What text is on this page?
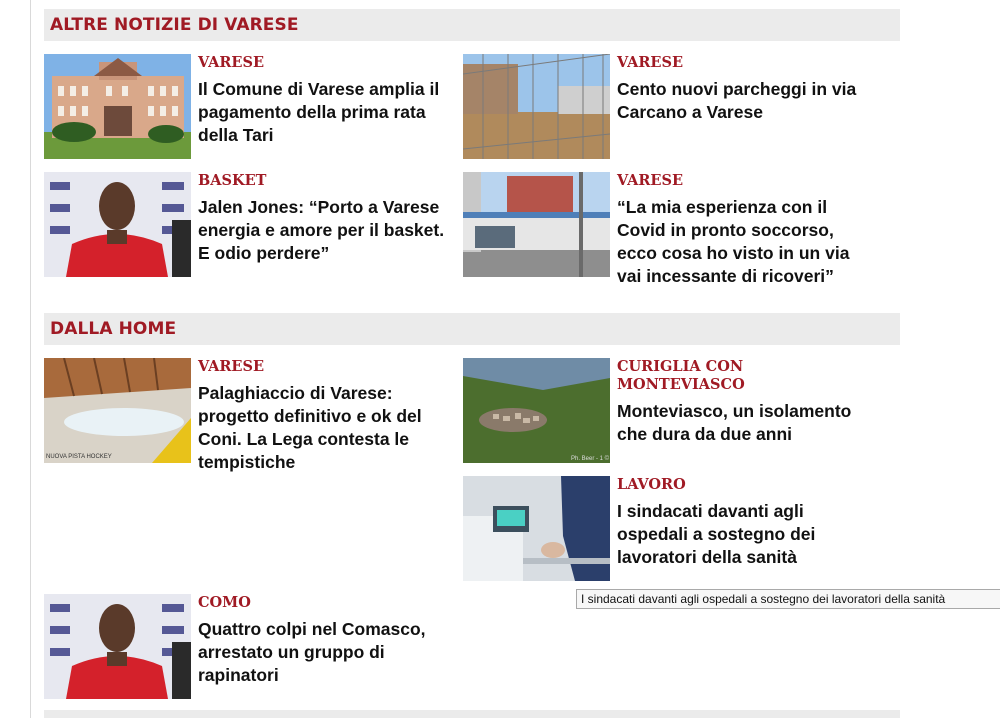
ALTRE NOTIZIE DI VARESE
VARESE
Il Comune di Varese amplia il pagamento della prima rata della Tari
VARESE
Cento nuovi parcheggi in via Carcano a Varese
BASKET
Jalen Jones: “Porto a Varese energia e amore per il basket. E odio perdere”
VARESE
“La mia esperienza con il Covid in pronto soccorso, ecco cosa ho visto in un via vai incessante di ricoveri”
DALLA HOME
NUOVA PISTA HOCKEY
VARESE
Palaghiaccio di Varese: progetto definitivo e ok del Coni. La Lega contesta le tempistiche	Ph. Beer - 1 ©
CURIGLIA CON MONTEVIASCO
Monteviasco, un isolamento che dura da due anni
LAVORO
I sindacati davanti agli ospedali a sostegno dei lavoratori della sanità
COMO
Quattro colpi nel Comasco, arrestato un gruppo di rapinatori
I sindacati davanti agli ospedali a sostegno dei lavoratori della sanità
